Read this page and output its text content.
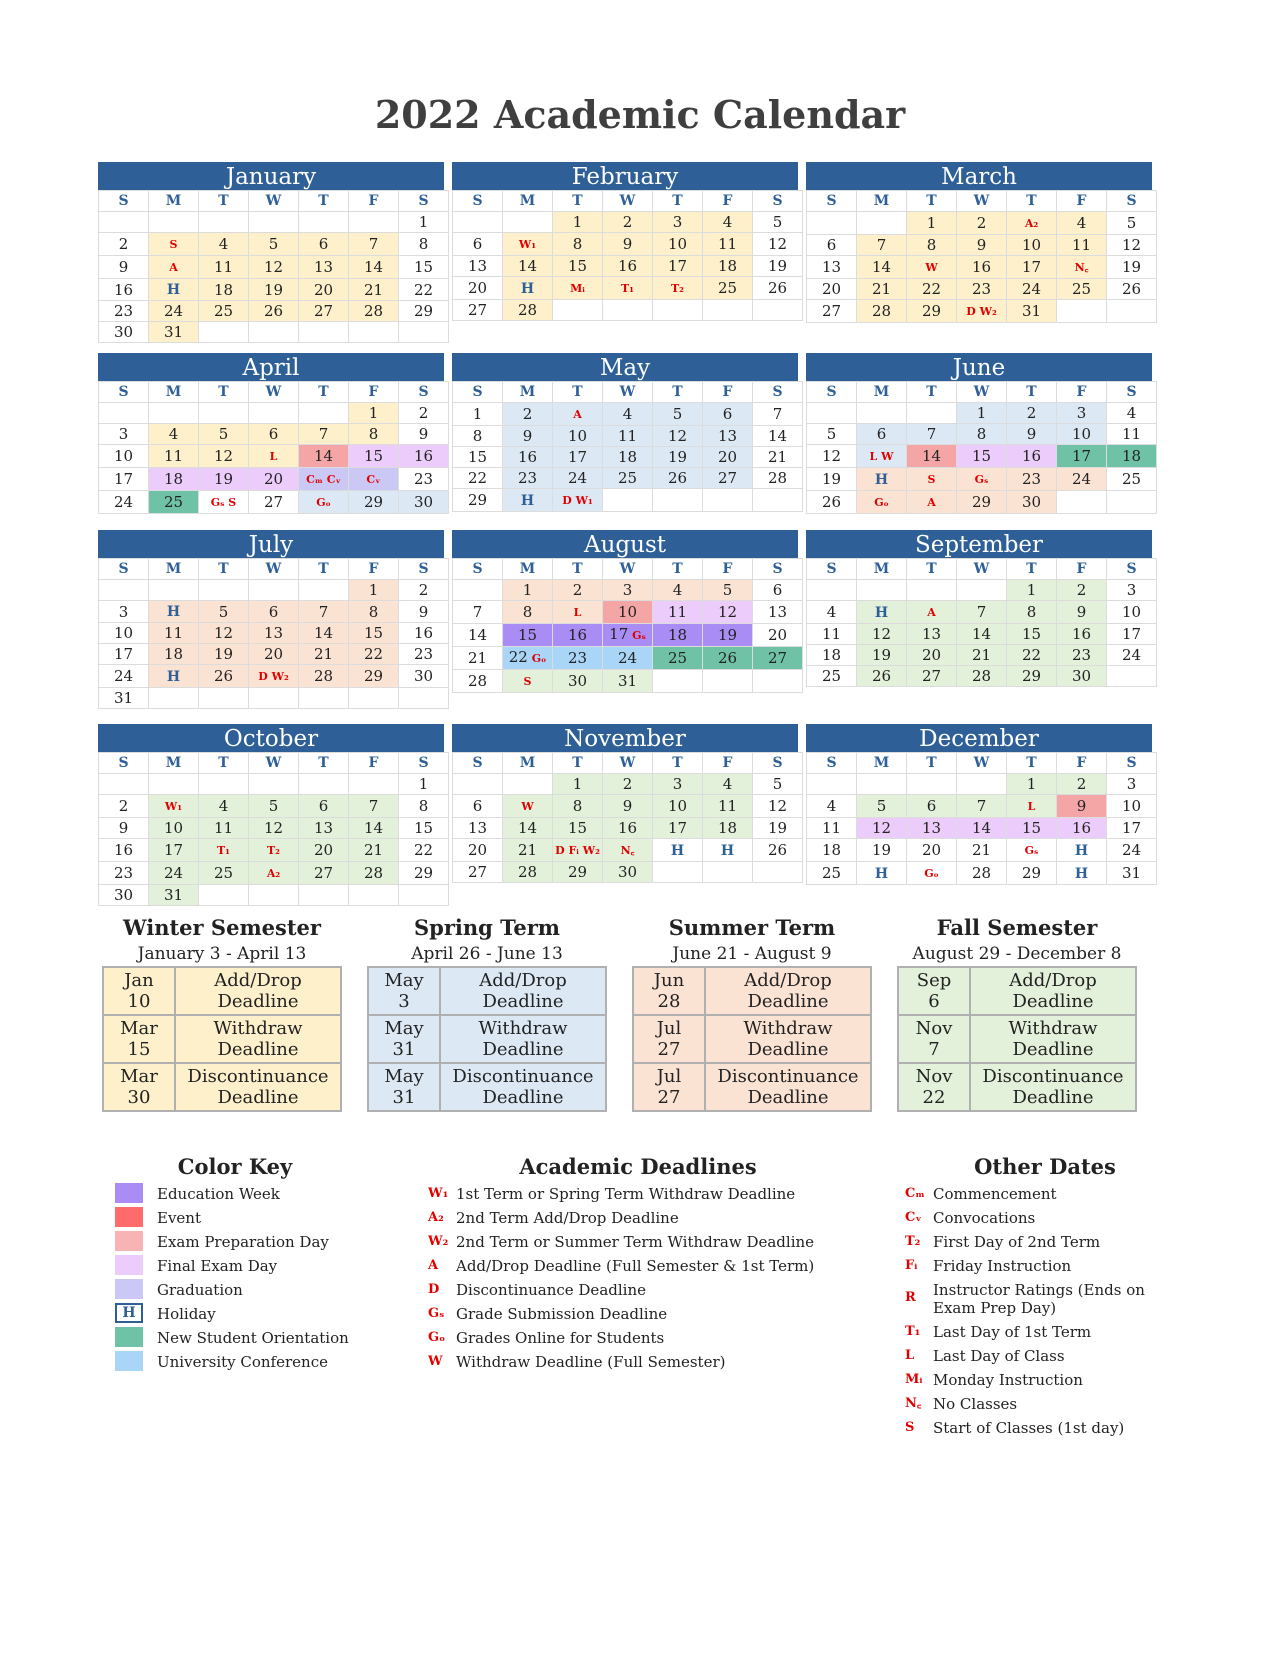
2022 Academic Calendar
January
S	M	T	W	T	F	S
						1
2	S	4	5	6	7	8
9	A	11	12	13	14	15
16	H	18	19	20	21	22
23	24	25	26	27	28	29
30	31					
February
S	M	T	W	T	F	S
		1	2	3	4	5
6	W₁	8	9	10	11	12
13	14	15	16	17	18	19
20	H	Mᵢ	T₁	T₂	25	26
27	28					
March
S	M	T	W	T	F	S
		1	2	A₂	4	5
6	7	8	9	10	11	12
13	14	W	16	17	N꜀	19
20	21	22	23	24	25	26
27	28	29	D W₂	31		
April
S	M	T	W	T	F	S
					1	2
3	4	5	6	7	8	9
10	11	12	L	14	15	16
17	18	19	20	Cₘ Cᵥ	Cᵥ	23
24	25	Gₛ S	27	Gₒ	29	30
May
S	M	T	W	T	F	S
1	2	A	4	5	6	7
8	9	10	11	12	13	14
15	16	17	18	19	20	21
22	23	24	25	26	27	28
29	H	D W₁				
June
S	M	T	W	T	F	S
			1	2	3	4
5	6	7	8	9	10	11
12	L W	14	15	16	17	18
19	H	S	Gₛ	23	24	25
26	Gₒ	A	29	30		
July
S	M	T	W	T	F	S
					1	2
3	H	5	6	7	8	9
10	11	12	13	14	15	16
17	18	19	20	21	22	23
24	H	26	D W₂	28	29	30
31						
August
S	M	T	W	T	F	S
	1	2	3	4	5	6
7	8	L	10	11	12	13
14	15	16	17 Gₛ	18	19	20
21	22 Gₒ	23	24	25	26	27
28	S	30	31			
September
S	M	T	W	T	F	S
				1	2	3
4	H	A	7	8	9	10
11	12	13	14	15	16	17
18	19	20	21	22	23	24
25	26	27	28	29	30	
October
S	M	T	W	T	F	S
						1
2	W₁	4	5	6	7	8
9	10	11	12	13	14	15
16	17	T₁	T₂	20	21	22
23	24	25	A₂	27	28	29
30	31					
November
S	M	T	W	T	F	S
		1	2	3	4	5
6	W	8	9	10	11	12
13	14	15	16	17	18	19
20	21	D Fᵢ W₂	N꜀	H	H	26
27	28	29	30			
December
S	M	T	W	T	F	S
				1	2	3
4	5	6	7	L	9	10
11	12	13	14	15	16	17
18	19	20	21	Gₛ	H	24
25	H	Gₒ	28	29	H	31
Winter Semester
January 3 - April 13
Jan
10	Add/Drop
Deadline
Mar
15	Withdraw
Deadline
Mar
30	Discontinuance
Deadline
Spring Term
April 26 - June 13
May
3	Add/Drop
Deadline
May
31	Withdraw
Deadline
May
31	Discontinuance
Deadline
Summer Term
June 21 - August 9
Jun
28	Add/Drop
Deadline
Jul
27	Withdraw
Deadline
Jul
27	Discontinuance
Deadline
Fall Semester
August 29 - December 8
Sep
6	Add/Drop
Deadline
Nov
7	Withdraw
Deadline
Nov
22	Discontinuance
Deadline
Color Key
Education Week
Event
Exam Preparation Day
Final Exam Day
Graduation
H	Holiday
New Student Orientation
University Conference
Academic Deadlines
W₁ 1st Term or Spring Term Withdraw Deadline
A₂ 2nd Term Add/Drop Deadline
W₂ 2nd Term or Summer Term Withdraw Deadline
A Add/Drop Deadline (Full Semester & 1st Term)
D Discontinuance Deadline
Gₛ Grade Submission Deadline
Gₒ Grades Online for Students
W Withdraw Deadline (Full Semester)
Other Dates
Cₘ Commencement
Cᵥ Convocations
T₂ First Day of 2nd Term
Fᵢ Friday Instruction
R Instructor Ratings (Ends on Exam Prep Day)
T₁ Last Day of 1st Term
L Last Day of Class
Mᵢ Monday Instruction
N꜀ No Classes
S Start of Classes (1st day)
